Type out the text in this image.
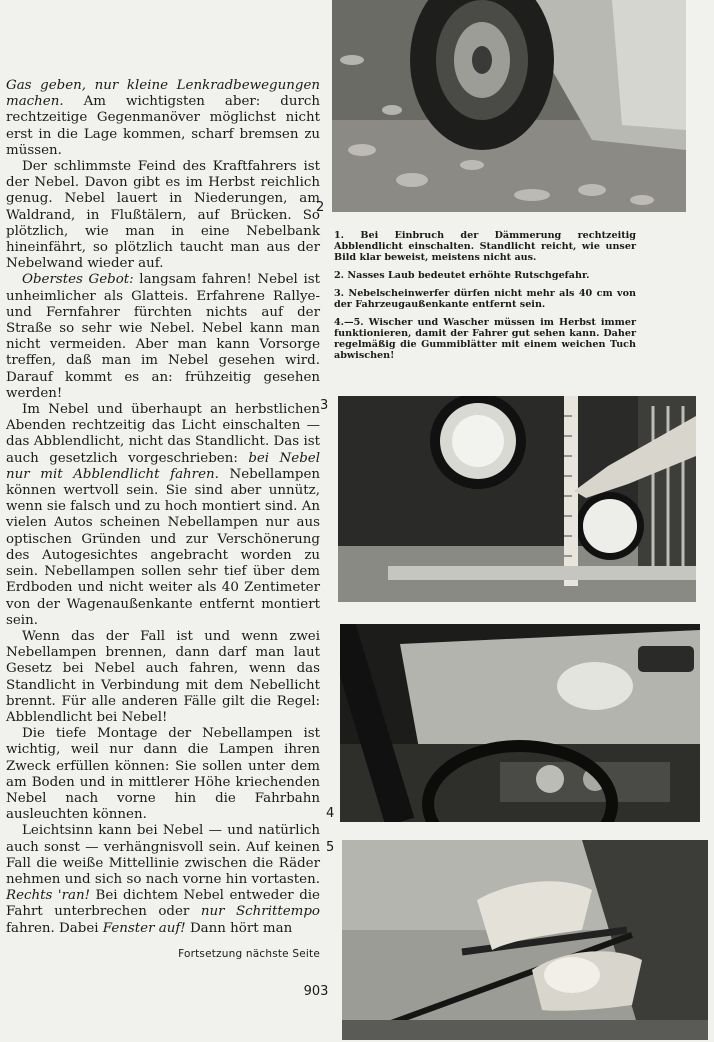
Gas geben, nur kleine Lenkradbewegungen machen. Am wichtigsten aber: durch rechtzeitige Gegenmanöver möglichst nicht erst in die Lage kommen, scharf bremsen zu müssen.

Der schlimmste Feind des Kraftfahrers ist der Nebel. Davon gibt es im Herbst reichlich genug. Nebel lauert in Niederungen, am Waldrand, in Flußtälern, auf Brücken. So plötzlich, wie man in eine Nebelbank hineinfährt, so plötzlich taucht man aus der Nebelwand wieder auf.

Oberstes Gebot: langsam fahren! Nebel ist unheimlicher als Glatteis. Erfahrene Rallye- und Fernfahrer fürchten nichts auf der Straße so sehr wie Nebel. Nebel kann man nicht vermeiden. Aber man kann Vorsorge treffen, daß man im Nebel gesehen wird. Darauf kommt es an: frühzeitig gesehen werden!

Im Nebel und überhaupt an herbstlichen Abenden rechtzeitig das Licht einschalten — das Abblendlicht, nicht das Standlicht. Das ist auch gesetzlich vorgeschrieben: bei Nebel nur mit Abblendlicht fahren. Nebellampen können wertvoll sein. Sie sind aber unnütz, wenn sie falsch und zu hoch montiert sind. An vielen Autos scheinen Nebellampen nur aus optischen Gründen und zur Verschönerung des Autogesichtes angebracht worden zu sein. Nebellampen sollen sehr tief über dem Erdboden und nicht weiter als 40 Zentimeter von der Wagenaußenkante entfernt montiert sein.

Wenn das der Fall ist und wenn zwei Nebellampen brennen, dann darf man laut Gesetz bei Nebel auch fahren, wenn das Standlicht in Verbindung mit dem Nebellicht brennt. Für alle anderen Fälle gilt die Regel: Abblendlicht bei Nebel!

Die tiefe Montage der Nebellampen ist wichtig, weil nur dann die Lampen ihren Zweck erfüllen können: Sie sollen unter dem am Boden und in mittlerer Höhe kriechenden Nebel nach vorne hin die Fahrbahn ausleuchten können.

Leichtsinn kann bei Nebel — und natürlich auch sonst — verhängnisvoll sein. Auf keinen Fall die weiße Mittellinie zwischen die Räder nehmen und sich so nach vorne hin vortasten. Rechts 'ran! Bei dichtem Nebel entweder die Fahrt unterbrechen oder nur Schrittempo fahren. Dabei Fenster auf! Dann hört man

Fortsetzung nächste Seite
903
2

1. Bei Einbruch der Dämmerung rechtzeitig Abblendlicht einschalten. Standlicht reicht, wie unser Bild klar beweist, meistens nicht aus.

2. Nasses Laub bedeutet erhöhte Rutschgefahr.

3. Nebelscheinwerfer dürfen nicht mehr als 40 cm von der Fahrzeugaußenkante entfernt sein.

4.—5. Wischer und Wascher müssen im Herbst immer funktionieren, damit der Fahrer gut sehen kann. Daher regelmäßig die Gummiblätter mit einem weichen Tuch abwischen!

3
4
5
